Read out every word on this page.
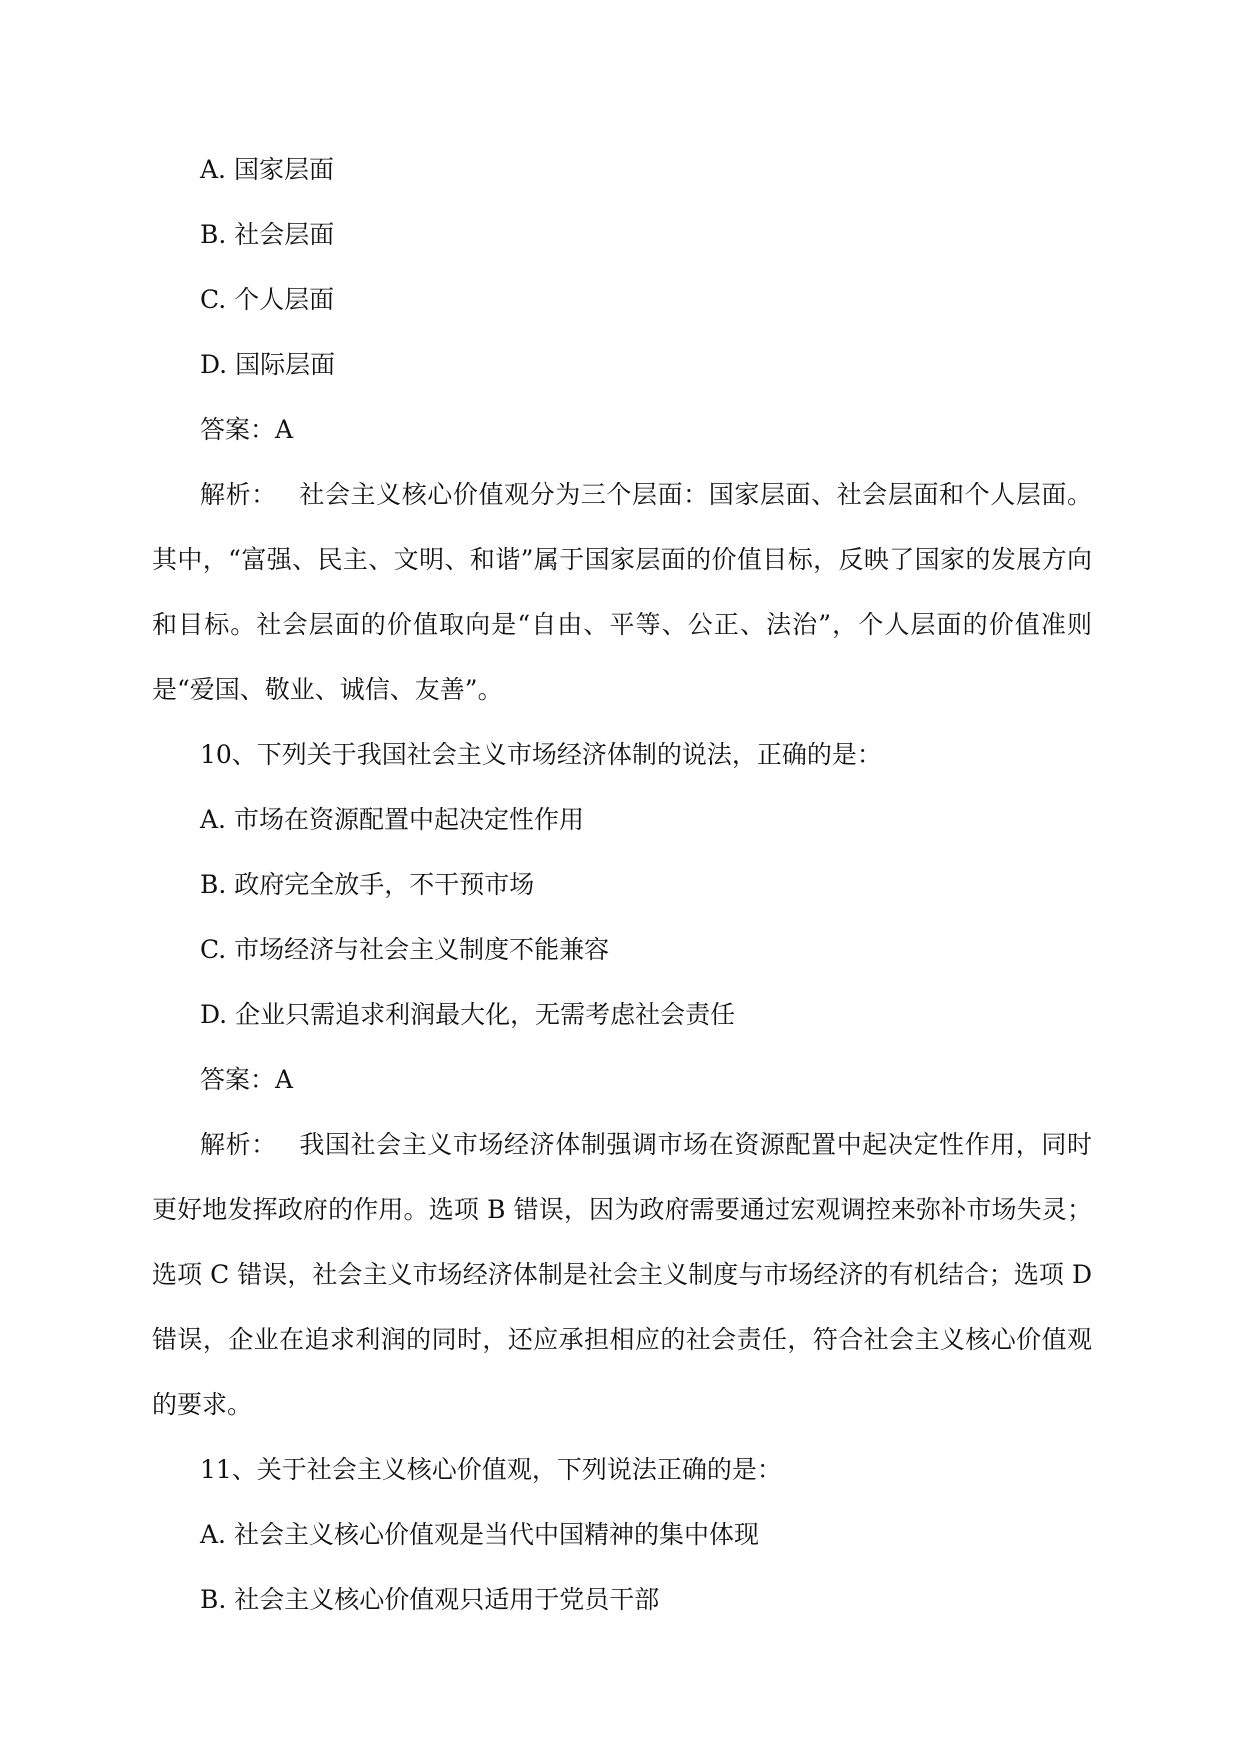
A. 国家层面

B. 社会层面

C. 个人层面

D. 国际层面

答案：A

解析： 社会主义核心价值观分为三个层面：国家层面、社会层面和个人层面。其中，“富强、民主、文明、和谐”属于国家层面的价值目标，反映了国家的发展方向和目标。社会层面的价值取向是“自由、平等、公正、法治”，个人层面的价值准则是“爱国、敬业、诚信、友善”。

10、下列关于我国社会主义市场经济体制的说法，正确的是：

A. 市场在资源配置中起决定性作用

B. 政府完全放手，不干预市场

C. 市场经济与社会主义制度不能兼容

D. 企业只需追求利润最大化，无需考虑社会责任

答案：A

解析： 我国社会主义市场经济体制强调市场在资源配置中起决定性作用，同时更好地发挥政府的作用。选项 B 错误，因为政府需要通过宏观调控来弥补市场失灵；选项 C 错误，社会主义市场经济体制是社会主义制度与市场经济的有机结合；选项 D 错误，企业在追求利润的同时，还应承担相应的社会责任，符合社会主义核心价值观的要求。

11、关于社会主义核心价值观，下列说法正确的是：

A. 社会主义核心价值观是当代中国精神的集中体现

B. 社会主义核心价值观只适用于党员干部
